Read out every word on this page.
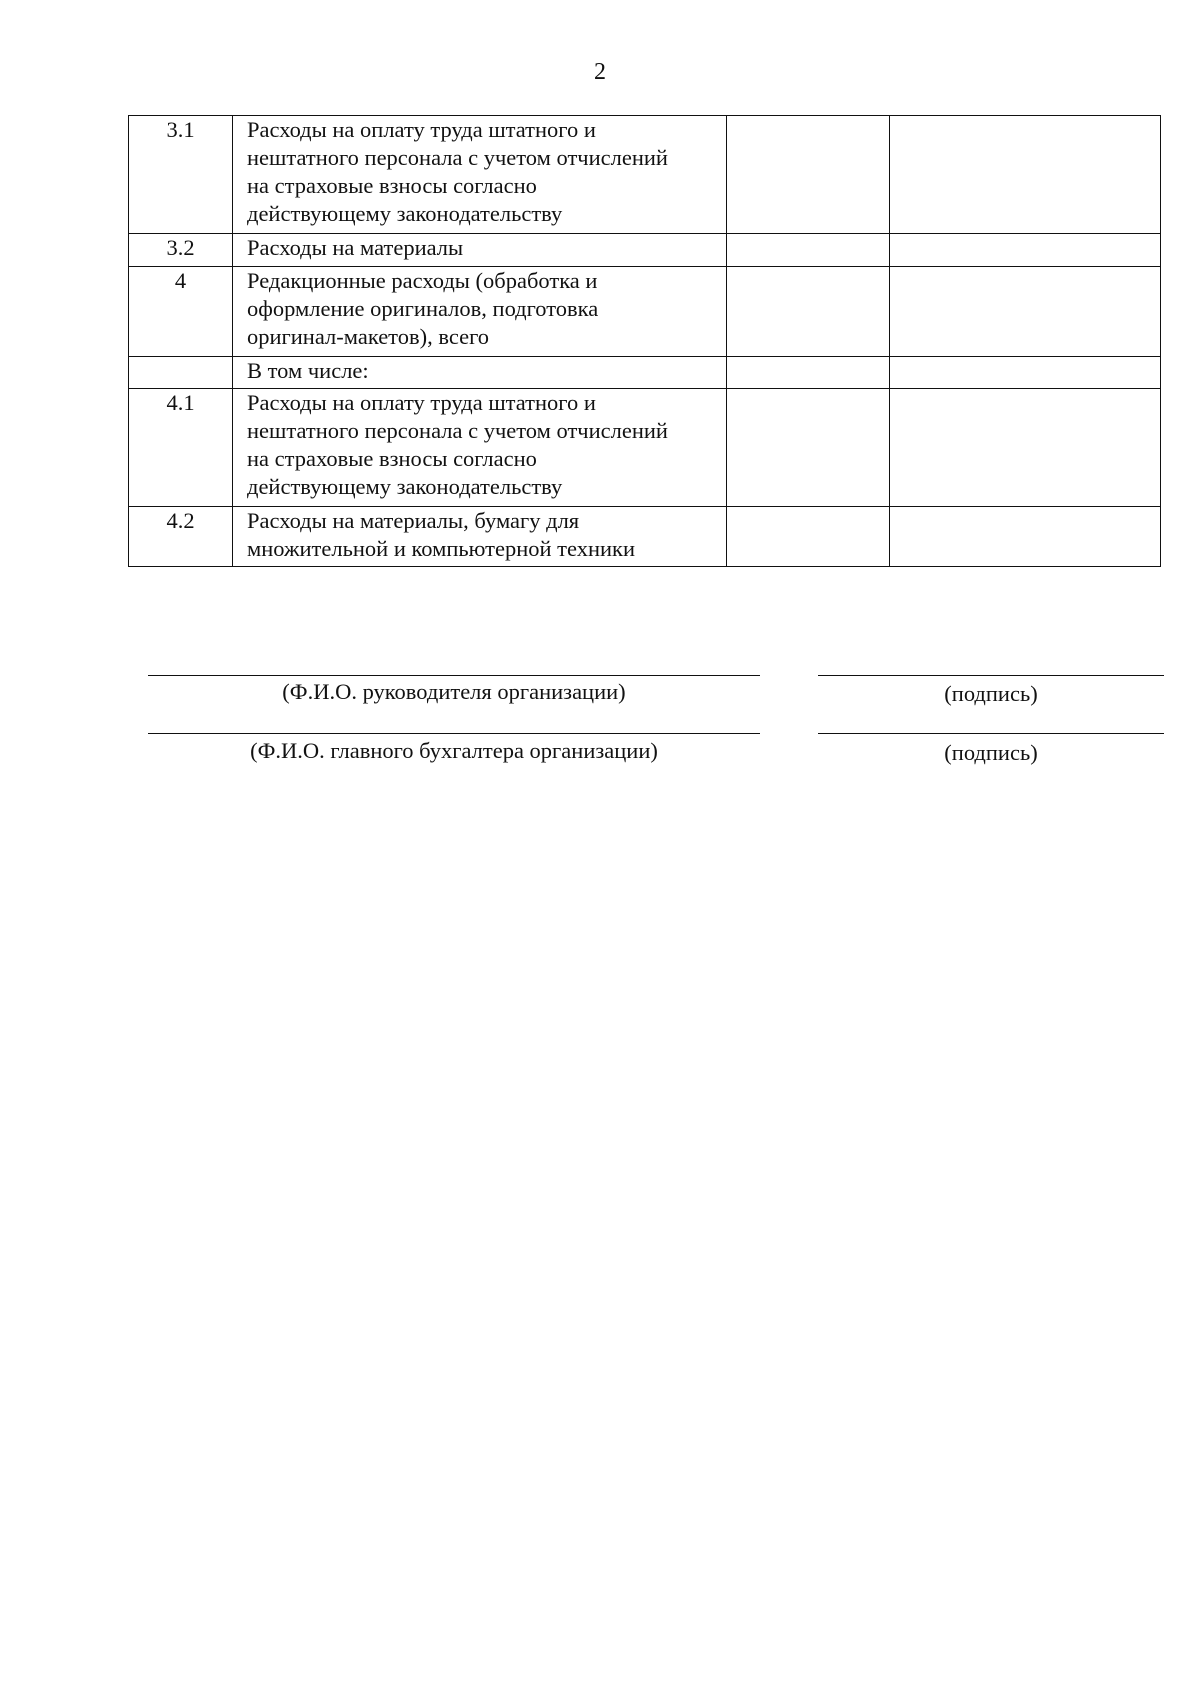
2
3.1	Расходы на оплату труда штатного и
нештатного персонала с учетом отчислений
на страховые взносы согласно
действующему законодательству		

3.2	Расходы на материалы		

4	Редакционные расходы (обработка и
оформление оригиналов, подготовка
оригинал-макетов), всего		

	В том числе:		

4.1	Расходы на оплату труда штатного и
нештатного персонала с учетом отчислений
на страховые взносы согласно
действующему законодательству		

4.2	Расходы на материалы, бумагу для
множительной и компьютерной техники		

(Ф.И.О. руководителя организации)	(подпись)
(Ф.И.О. главного бухгалтера организации)	(подпись)
